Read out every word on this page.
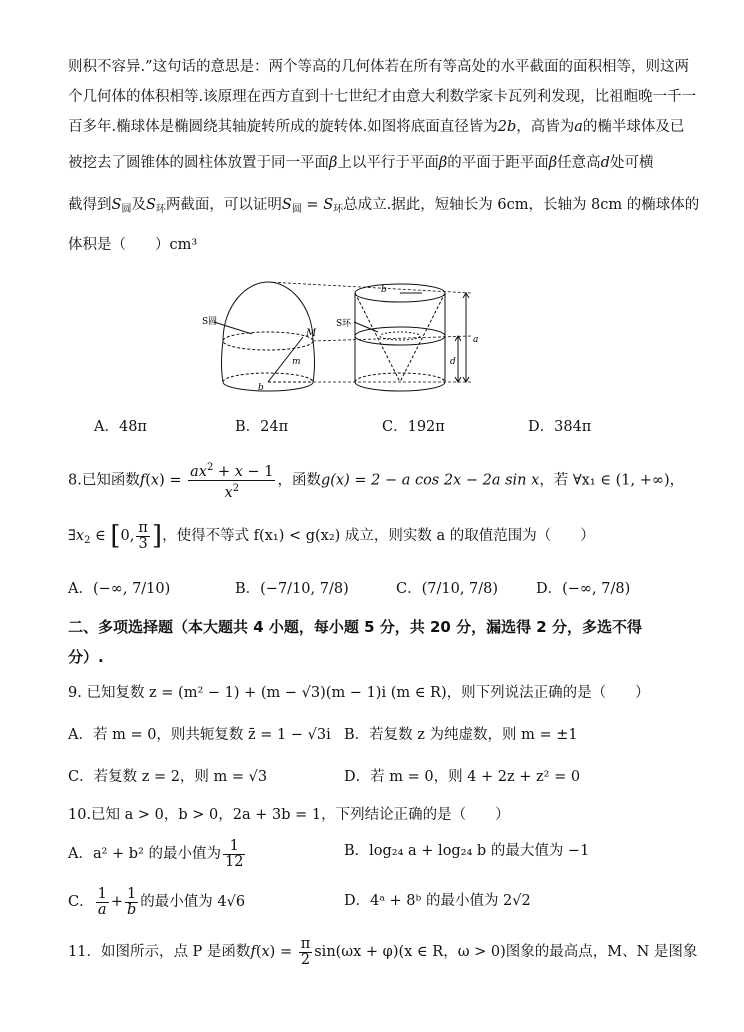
则积不容异.”这句话的意思是：两个等高的几何体若在所有等高处的水平截面的面积相等，则这两
个几何体的体积相等.该原理在西方直到十七世纪才由意大利数学家卡瓦列利发现，比祖暅晚一千一
百多年.椭球体是椭圆绕其轴旋转所成的旋转体.如图将底面直径皆为2b，高皆为a的椭半球体及已
被挖去了圆锥体的圆柱体放置于同一平面β上以平行于平面β的平面于距平面β任意高d处可横
截得到$S_圆$及$S_环$两截面，可以证明$S_圆 = S_环$总成立.据此，短轴长为 6cm，长轴为 8cm 的椭球体的
体积是（　　）cm³
S圆
M
m
b
b
S环
a
d
A．48π	B．24π	C．192π	D．384π
8.已知函数$f(x) = \frac{ax^2 + x - 1}{x^2}$ ，函数g(x) = 2 − a cos 2x − 2a sin x，若 ∀x₁ ∈ (1, +∞)，
$\exists x_2$ ∈ [0, $\frac{\pi}{3}$ ]，使得不等式 f(x₁) < g(x₂) 成立，则实数 a 的取值范围为（　　）
A．(−∞, 7/10)	B．(−7/10, 7/8)	C．(7/10, 7/8)	D．(−∞, 7/8)
二、多项选择题（本大题共 4 小题，每小题 5 分，共 20 分，漏选得 2 分，多选不得
分）.
9. 已知复数 z = (m² − 1) + (m − √3)(m − 1)i (m ∈ R)，则下列说法正确的是（　　）
A．若 m = 0，则共轭复数 z̄ = 1 − √3i B．若复数 z 为纯虚数，则 m = ±1
C．若复数 z = 2，则 m = √3	D．若 m = 0，则 4 + 2z + z² = 0
10.已知 a > 0，b > 0，2a + 3b = 1，下列结论正确的是（　　）
A．a² + b² 的最小值为 $\frac{1}{12}$	B．log₂₄ a + log₂₄ b 的最大值为 −1
C． $\frac{1}{a} + \frac{1}{b}$ 的最小值为 4√6	D．4ᵃ + 8ᵇ 的最小值为 2√2
11．如图所示，点 P 是函数$f(x) = \frac{\pi}{2} \sin(\omega x + \varphi)(x$ ∈ R，ω > 0)图象的最高点，M、N 是图象
